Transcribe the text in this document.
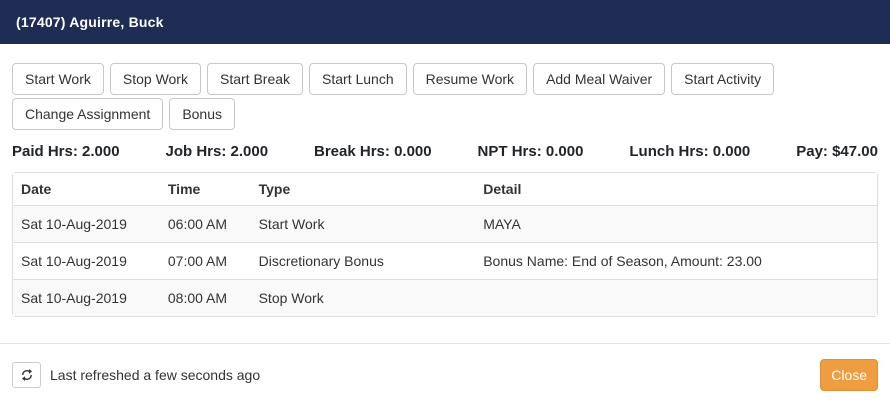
(17407) Aguirre, Buck
Start Work	Stop Work	Start Break	Start Lunch	Resume Work	Add Meal Waiver	Start Activity
Change Assignment	Bonus
Paid Hrs: 2.000	Job Hrs: 2.000	Break Hrs: 0.000	NPT Hrs: 0.000	Lunch Hrs: 0.000	Pay: $47.00
Date	Time	Type	Detail
Sat 10-Aug-2019	06:00 AM	Start Work	MAYA
Sat 10-Aug-2019	07:00 AM	Discretionary Bonus	Bonus Name: End of Season, Amount: 23.00
Sat 10-Aug-2019	08:00 AM	Stop Work	
Last refreshed a few seconds ago	Close
